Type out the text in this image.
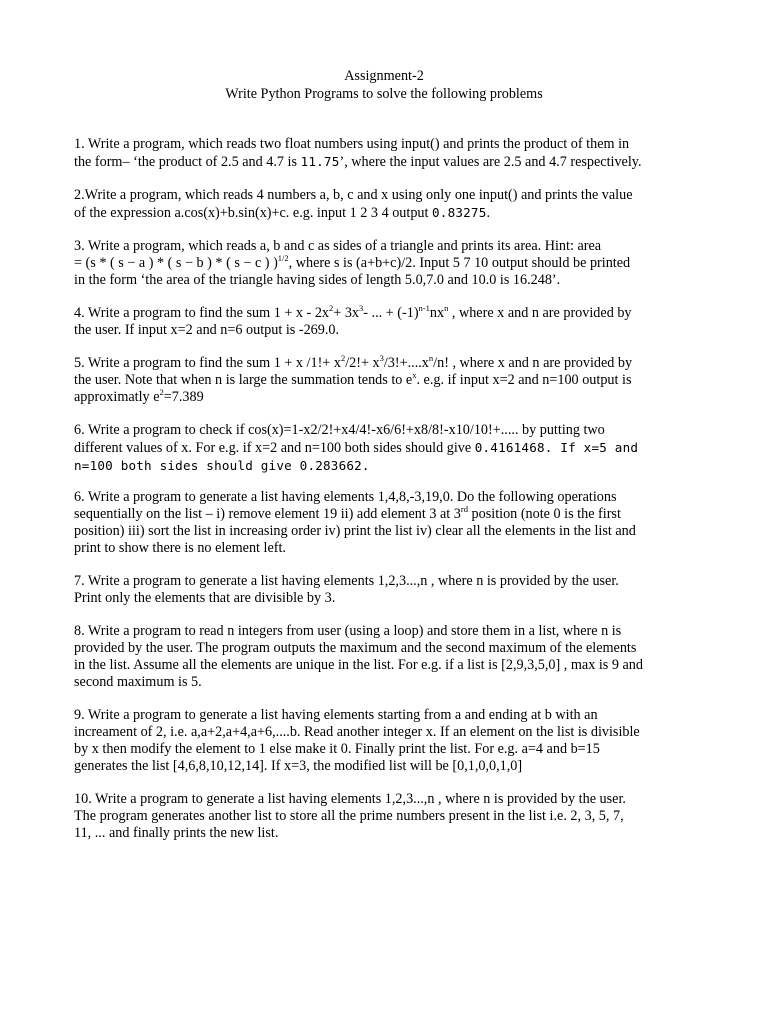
Assignment-2
Write Python Programs to solve the following problems
1. Write a program, which reads two float numbers using input() and prints the product of them in
the form– ‘the product of 2.5 and 4.7 is 11.75’, where the input values are 2.5 and 4.7 respectively.
2.Write a program, which reads 4 numbers a, b, c and x using only one input() and prints the value
of the expression a.cos(x)+b.sin(x)+c. e.g. input 1 2 3 4 output 0.83275.
3. Write a program, which reads a, b and c as sides of a triangle and prints its area. Hint: area
= (s * ( s − a ) * ( s − b ) * ( s − c ) )$^{1/2}$, where s is (a+b+c)/2. Input 5 7 10 output should be printed
in the form ‘the area of the triangle having sides of length 5.0,7.0 and 10.0 is 16.248’.
4. Write a program to find the sum $1 + x - 2x^2+ 3x^3-$ ... + $(-1)^{n-1}nx^n$ , where x and n are provided by
the user. If input x=2 and n=6 output is -269.0.
5. Write a program to find the sum 1 + x $/1!+ x^2/2!+ x^3/3!+....x^n/n$! , where x and n are provided by
the user. Note that when n is large the summation tends to $e^x$. e.g. if input x=2 and n=100 output is
approximatly $e^2=7.389$
6. Write a program to check if cos(x)=1-x2/2!+x4/4!-x6/6!+x8/8!-x10/10!+..... by putting two
different values of x. For e.g. if x=2 and n=100 both sides should give 0.4161468. If x=5 and
n=100 both sides should give 0.283662.
6. Write a program to generate a list having elements 1,4,8,-3,19,0. Do the following operations
sequentially on the list – i) remove element 19 ii) add element 3 at 3rd position (note 0 is the first
position) iii) sort the list in increasing order iv) print the list iv) clear all the elements in the list and
print to show there is no element left.
7. Write a program to generate a list having elements 1,2,3...,n , where n is provided by the user.
Print only the elements that are divisible by 3.
8. Write a program to read n integers from user (using a loop) and store them in a list, where n is
provided by the user. The program outputs the maximum and the second maximum of the elements
in the list. Assume all the elements are unique in the list. For e.g. if a list is [2,9,3,5,0] , max is 9 and
second maximum is 5.
9. Write a program to generate a list having elements starting from a and ending at b with an
increament of 2, i.e. a,a+2,a+4,a+6,....b. Read another integer x. If an element on the list is divisible
by x then modify the element to 1 else make it 0. Finally print the list. For e.g. a=4 and b=15
generates the list [4,6,8,10,12,14]. If x=3, the modified list will be [0,1,0,0,1,0]
10. Write a program to generate a list having elements 1,2,3...,n , where n is provided by the user.
The program generates another list to store all the prime numbers present in the list i.e. 2, 3, 5, 7,
11, ... and finally prints the new list.
